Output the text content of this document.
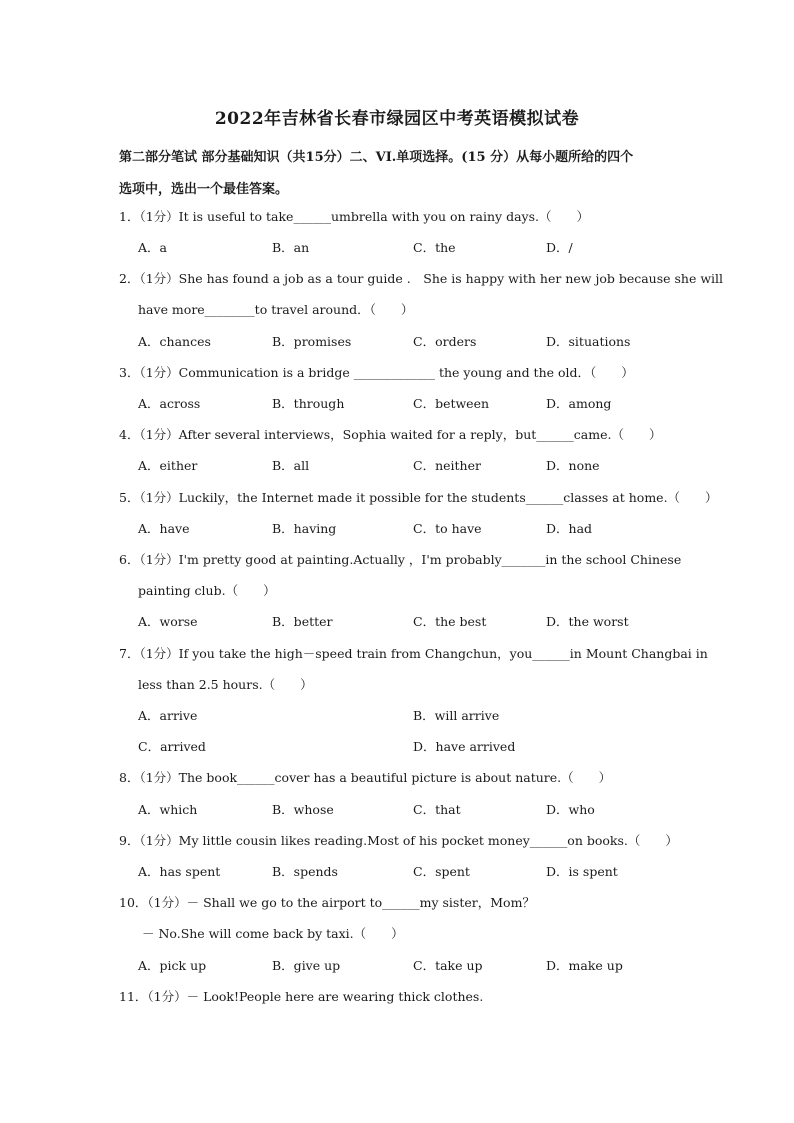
2022年吉林省长春市绿园区中考英语模拟试卷
第二部分笔试 部分基础知识（共15分）二、VI.单项选择。(15 分）从每小题所给的四个
选项中，选出一个最佳答案。
1．（1分）It is useful to take______umbrella with you on rainy days.（　　）
A．a	B．an	C．the	D．/
2．（1分）She has found a job as a tour guide .　She is happy with her new job because she will
have more________to travel around．（　　）
A．chances	B．promises	C．orders	D．situations
3．（1分）Communication is a bridge _____________ the young and the old．（　　）
A．across	B．through	C．between	D．among
4．（1分）After several interviews，Sophia waited for a reply，but______came.（　　）
A．either	B．all	C．neither	D．none
5．（1分）Luckily，the Internet made it possible for the students______classes at home.（　　）
A．have	B．having	C．to have	D．had
6．（1分）I'm pretty good at painting.Actually ，I'm probably_______in the school Chinese
painting club.（　　）
A．worse	B．better	C．the best	D．the worst
7．（1分）If you take the high－speed train from Changchun，you______in Mount Changbai in
less than 2.5 hours.（　　）
A．arrive	B．will arrive
C．arrived	D．have arrived
8．（1分）The book______cover has a beautiful picture is about nature.（　　）
A．which	B．whose	C．that	D．who
9．（1分）My little cousin likes reading.Most of his pocket money______on books.（　　）
A．has spent	B．spends	C．spent	D．is spent
10．（1分）－ Shall we go to the airport to______my sister，Mom？
－ No.She will come back by taxi.（　　）
A．pick up	B．give up	C．take up	D．make up
11．（1分）－ Look!People here are wearing thick clothes.
